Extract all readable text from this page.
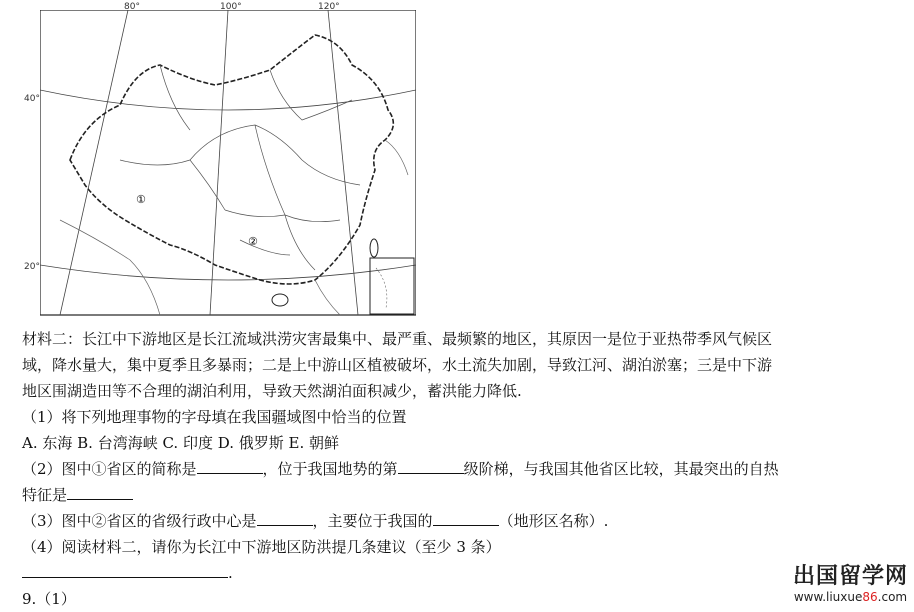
①
②
80°	100°	120°
40°
20°
材料二：长江中下游地区是长江流域洪涝灾害最集中、最严重、最频繁的地区，其原因一是位于亚热带季风气候区
域，降水量大，集中夏季且多暴雨；二是上中游山区植被破坏，水土流失加剧，导致江河、湖泊淤塞；三是中下游
地区围湖造田等不合理的湖泊利用，导致天然湖泊面积减少，蓄洪能力降低.
（1）将下列地理事物的字母填在我国疆域图中恰当的位置
A. 东海 B. 台湾海峡 C. 印度 D. 俄罗斯 E. 朝鲜
（2）图中①省区的简称是	，位于我国地势的第	级阶梯，与我国其他省区比较，其最突出的自热
特征是
（3）图中②省区的省级行政中心是	，主要位于我国的	（地形区名称）.
（4）阅读材料二，请你为长江中下游地区防洪提几条建议（至少 3 条）
.
9.（1）
出国留学网
www.liuxue86.com
